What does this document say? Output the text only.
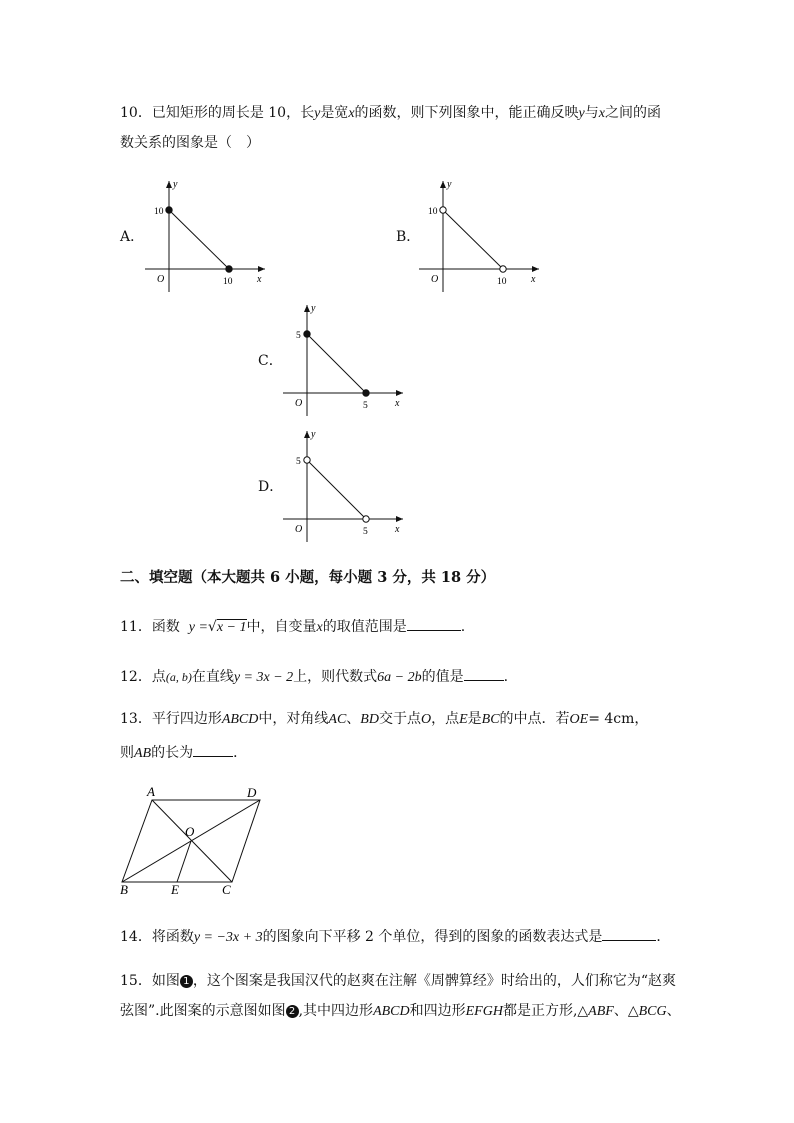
10．已知矩形的周长是 10，长y是宽x的函数，则下列图象中，能正确反映y与x之间的函
数关系的图象是（　）
A．
y
x
10
10
O
B．
y
x
10
10
O
C．
y
x
5
5
O
D．
y
x
5
5
O
二、填空题（本大题共 6 小题，每小题 3 分，共 18 分）
11．函数 y =√x − 1中，自变量x的取值范围是	.
12．点(a, b)在直线y = 3x − 2上，则代数式6a − 2b的值是	.
13．平行四边形ABCD中，对角线AC、BD交于点O，点E是BC的中点．若OE= 4cm，
则AB的长为	．
A	D
O
B	E	C
14．将函数y = −3x + 3的图象向下平移 2 个单位，得到的图象的函数表达式是	．
15．如图 1 ，这个图案是我国汉代的赵爽在注解《周髀算经》时给出的，人们称它为“赵爽
弦图”.此图案的示意图如图 2 ,其中四边形ABCD和四边形EFGH都是正方形,△ABF、△BCG、
